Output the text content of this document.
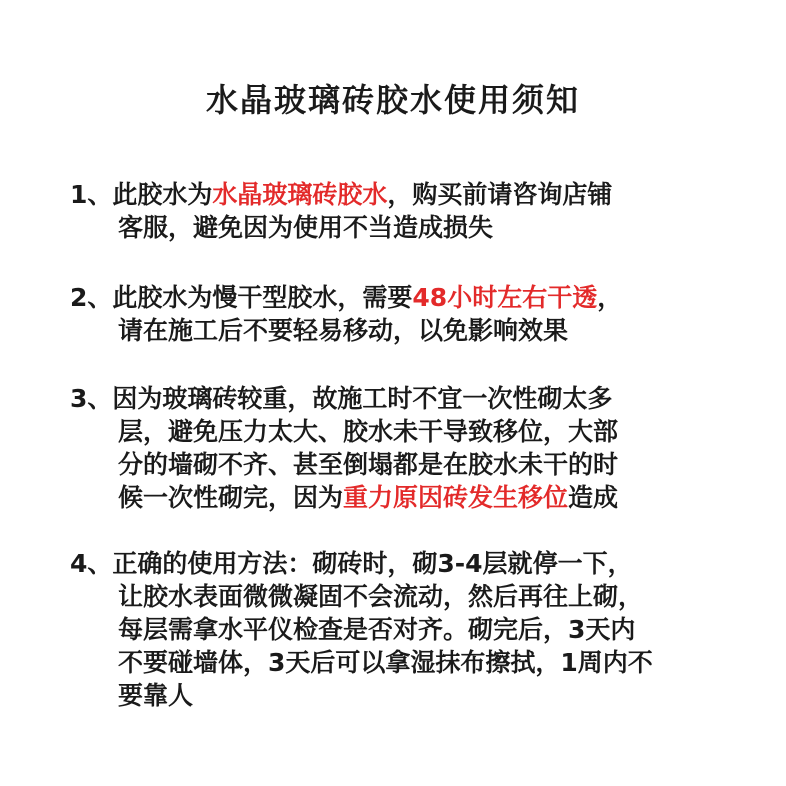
水晶玻璃砖胶水使用须知
1、此胶水为水晶玻璃砖胶水，购买前请咨询店铺
客服，避免因为使用不当造成损失
2、此胶水为慢干型胶水，需要48小时左右干透，
请在施工后不要轻易移动，以免影响效果
3、因为玻璃砖较重，故施工时不宜一次性砌太多
层，避免压力太大、胶水未干导致移位，大部
分的墙砌不齐、甚至倒塌都是在胶水未干的时
候一次性砌完，因为重力原因砖发生移位造成
4、正确的使用方法：砌砖时，砌3-4层就停一下，
让胶水表面微微凝固不会流动，然后再往上砌，
每层需拿水平仪检查是否对齐。砌完后，3天内
不要碰墙体，3天后可以拿湿抹布擦拭，1周内不
要靠人
